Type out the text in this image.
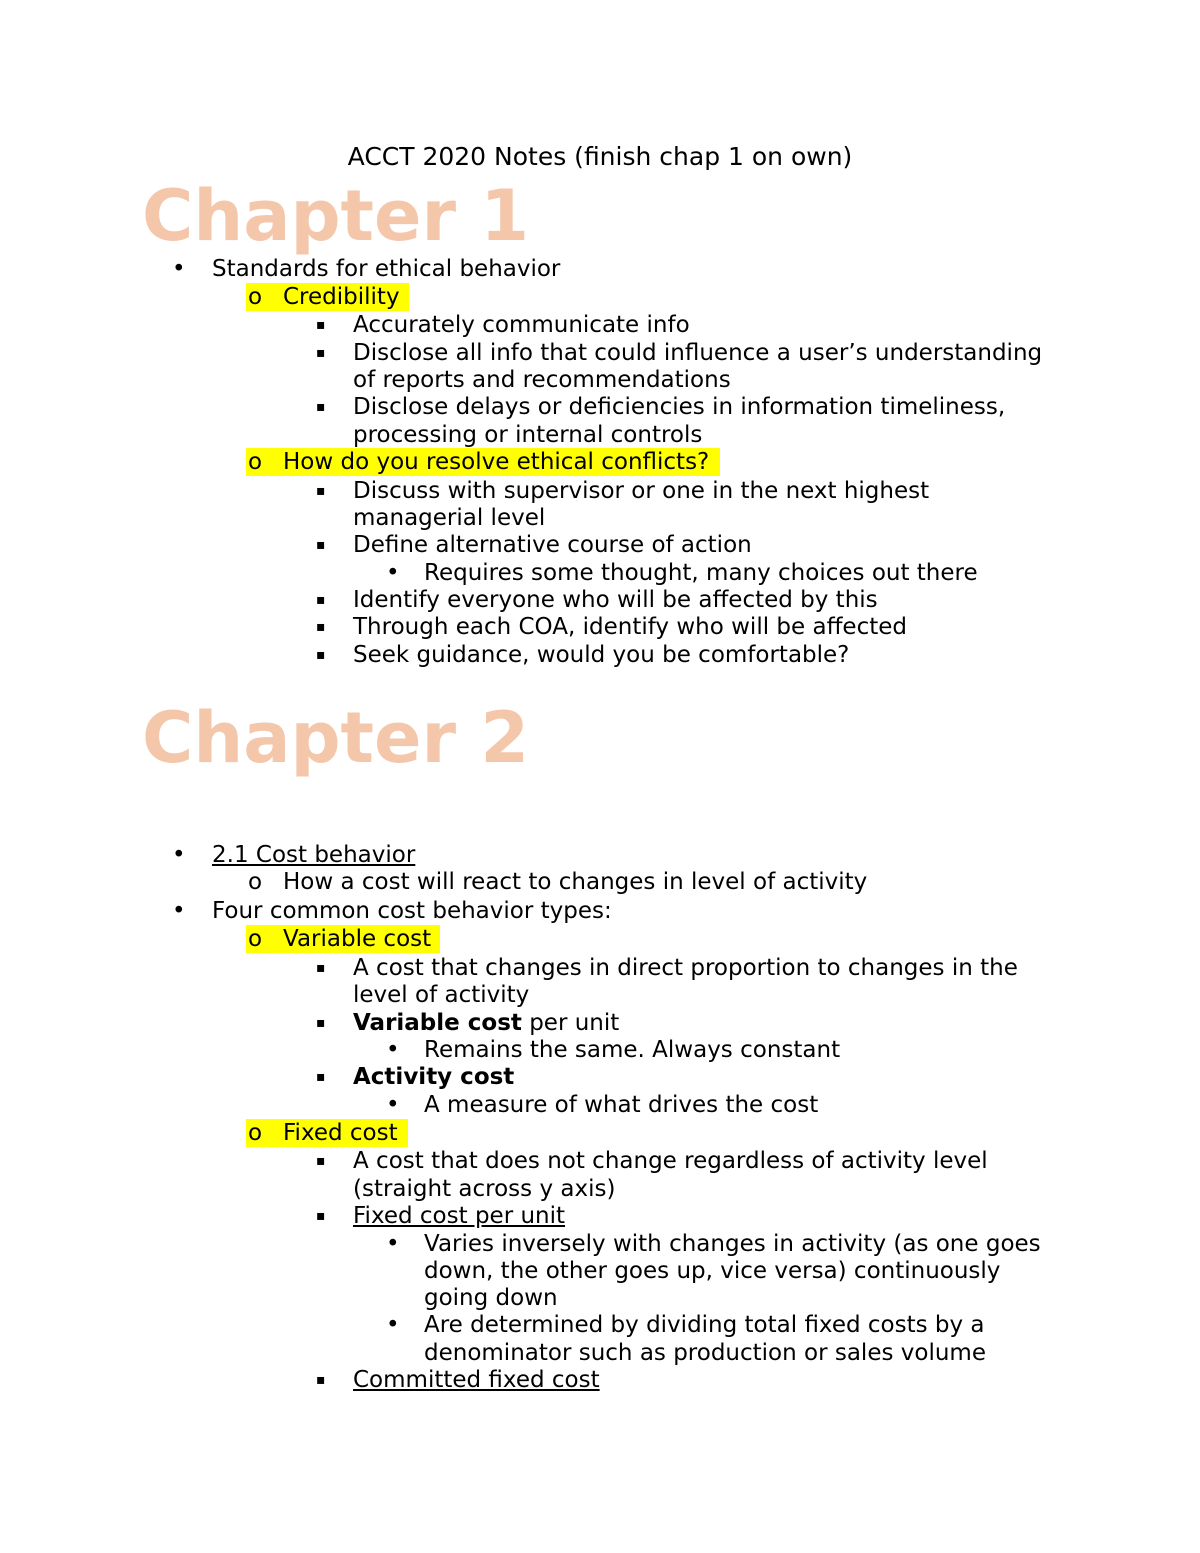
ACCT 2020 Notes (finish chap 1 on own)
Chapter 1
• Standards for ethical behavior
o Credibility
▪ Accurately communicate info
▪ Disclose all info that could influence a user’s understanding
of reports and recommendations
▪ Disclose delays or deficiencies in information timeliness,
processing or internal controls
o How do you resolve ethical conflicts?
▪ Discuss with supervisor or one in the next highest
managerial level
▪ Define alternative course of action
• Requires some thought, many choices out there
▪ Identify everyone who will be affected by this
▪ Through each COA, identify who will be affected
▪ Seek guidance, would you be comfortable?
Chapter 2
• 2.1 Cost behavior
o How a cost will react to changes in level of activity
• Four common cost behavior types:
o Variable cost
▪ A cost that changes in direct proportion to changes in the
level of activity
▪ Variable cost per unit
• Remains the same. Always constant
▪ Activity cost
• A measure of what drives the cost
o Fixed cost
▪ A cost that does not change regardless of activity level
(straight across y axis)
▪ Fixed cost per unit
• Varies inversely with changes in activity (as one goes
down, the other goes up, vice versa) continuously
going down
• Are determined by dividing total fixed costs by a
denominator such as production or sales volume
▪ Committed fixed cost
